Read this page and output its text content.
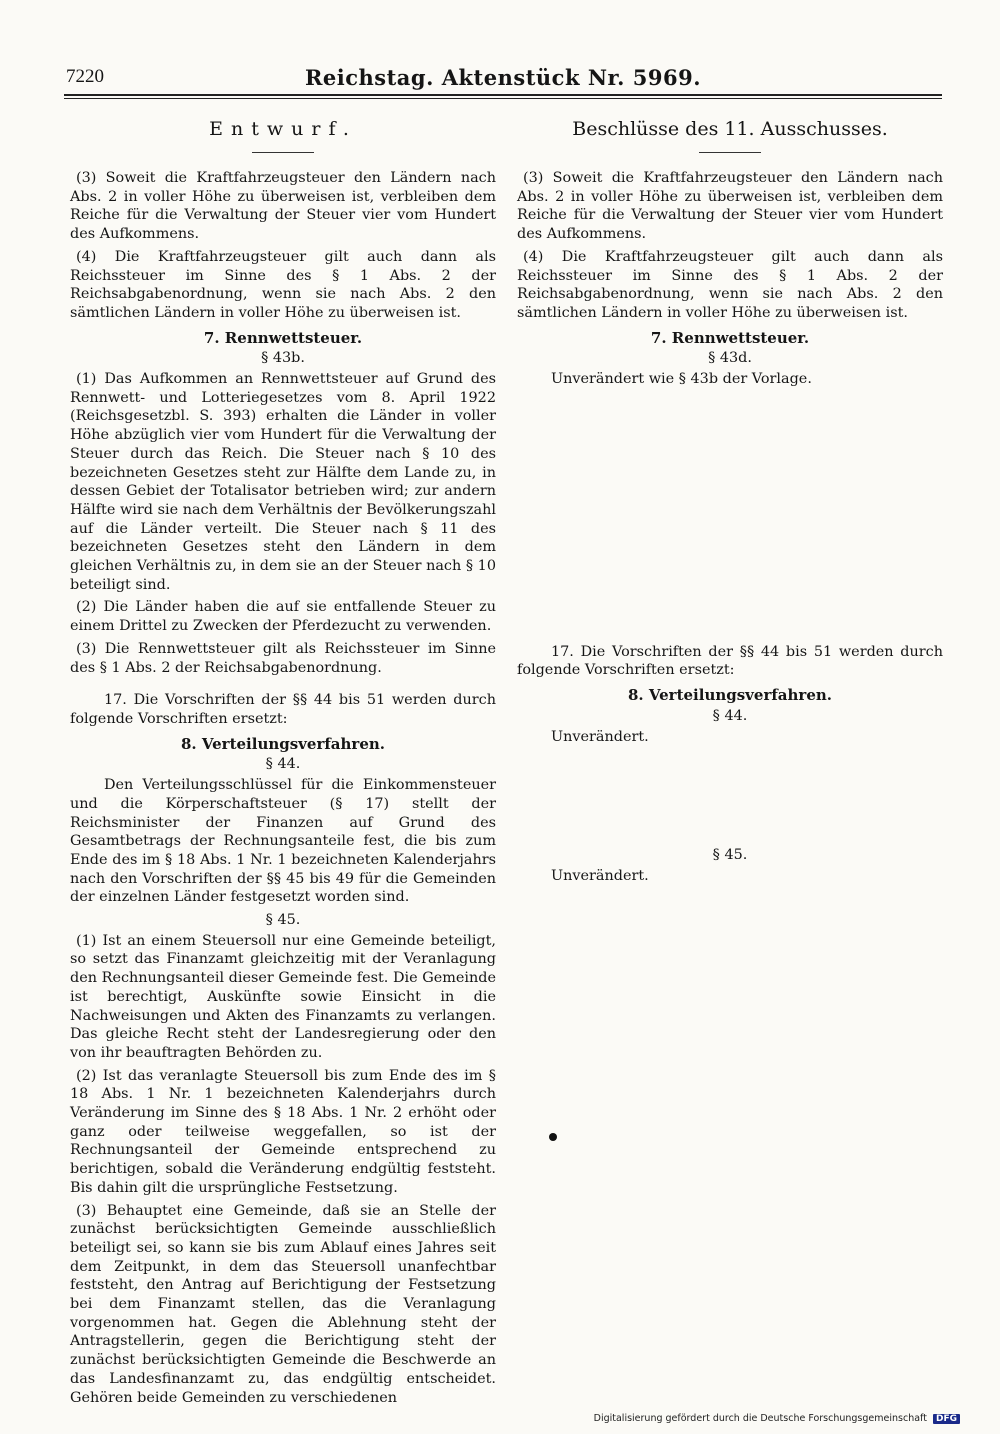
7220	Reichstag. Aktenstück Nr. 5969.
Entwurf.

(3) Soweit die Kraftfahrzeugsteuer den Ländern nach Abs. 2 in voller Höhe zu überweisen ist, verbleiben dem Reiche für die Verwaltung der Steuer vier vom Hundert des Aufkommens.

(4) Die Kraftfahrzeugsteuer gilt auch dann als Reichssteuer im Sinne des § 1 Abs. 2 der Reichsabgabenordnung, wenn sie nach Abs. 2 den sämtlichen Ländern in voller Höhe zu überweisen ist.

7. Rennwettsteuer.
§ 43b.

(1) Das Aufkommen an Rennwettsteuer auf Grund des Rennwett- und Lotteriegesetzes vom 8. April 1922 (Reichsgesetzbl. S. 393) erhalten die Länder in voller Höhe abzüglich vier vom Hundert für die Verwaltung der Steuer durch das Reich. Die Steuer nach § 10 des bezeichneten Gesetzes steht zur Hälfte dem Lande zu, in dessen Gebiet der Totalisator betrieben wird; zur andern Hälfte wird sie nach dem Verhältnis der Bevölkerungszahl auf die Länder verteilt. Die Steuer nach § 11 des bezeichneten Gesetzes steht den Ländern in dem gleichen Verhältnis zu, in dem sie an der Steuer nach § 10 beteiligt sind.

(2) Die Länder haben die auf sie entfallende Steuer zu einem Drittel zu Zwecken der Pferdezucht zu verwenden.

(3) Die Rennwettsteuer gilt als Reichssteuer im Sinne des § 1 Abs. 2 der Reichsabgabenordnung.

17. Die Vorschriften der §§ 44 bis 51 werden durch folgende Vorschriften ersetzt:

8. Verteilungsverfahren.
§ 44.

Den Verteilungsschlüssel für die Einkommensteuer und die Körperschaftsteuer (§ 17) stellt der Reichsminister der Finanzen auf Grund des Gesamtbetrags der Rechnungsanteile fest, die bis zum Ende des im § 18 Abs. 1 Nr. 1 bezeichneten Kalenderjahrs nach den Vorschriften der §§ 45 bis 49 für die Gemeinden der einzelnen Länder festgesetzt worden sind.

§ 45.

(1) Ist an einem Steuersoll nur eine Gemeinde beteiligt, so setzt das Finanzamt gleichzeitig mit der Veranlagung den Rechnungsanteil dieser Gemeinde fest. Die Gemeinde ist berechtigt, Auskünfte sowie Einsicht in die Nachweisungen und Akten des Finanzamts zu verlangen. Das gleiche Recht steht der Landesregierung oder den von ihr beauftragten Behörden zu.

(2) Ist das veranlagte Steuersoll bis zum Ende des im § 18 Abs. 1 Nr. 1 bezeichneten Kalenderjahrs durch Veränderung im Sinne des § 18 Abs. 1 Nr. 2 erhöht oder ganz oder teilweise weggefallen, so ist der Rechnungsanteil der Gemeinde entsprechend zu berichtigen, sobald die Veränderung endgültig feststeht. Bis dahin gilt die ursprüngliche Festsetzung.

(3) Behauptet eine Gemeinde, daß sie an Stelle der zunächst berücksichtigten Gemeinde ausschließlich beteiligt sei, so kann sie bis zum Ablauf eines Jahres seit dem Zeitpunkt, in dem das Steuersoll unanfechtbar feststeht, den Antrag auf Berichtigung der Festsetzung bei dem Finanzamt stellen, das die Veranlagung vorgenommen hat. Gegen die Ablehnung steht der Antragstellerin, gegen die Berichtigung steht der zunächst berücksichtigten Gemeinde die Beschwerde an das Landesfinanzamt zu, das endgültig entscheidet. Gehören beide Gemeinden zu verschiedenen

Beschlüsse des 11. Ausschusses.

(3) Soweit die Kraftfahrzeugsteuer den Ländern nach Abs. 2 in voller Höhe zu überweisen ist, verbleiben dem Reiche für die Verwaltung der Steuer vier vom Hundert des Aufkommens.

(4) Die Kraftfahrzeugsteuer gilt auch dann als Reichssteuer im Sinne des § 1 Abs. 2 der Reichsabgabenordnung, wenn sie nach Abs. 2 den sämtlichen Ländern in voller Höhe zu überweisen ist.

7. Rennwettsteuer.
§ 43d.

Unverändert wie § 43b der Vorlage.

17. Die Vorschriften der §§ 44 bis 51 werden durch folgende Vorschriften ersetzt:

8. Verteilungsverfahren.
§ 44.

Unverändert.

§ 45.

Unverändert.

Digitalisierung gefördert durch die Deutsche Forschungsgemeinschaft DFG
